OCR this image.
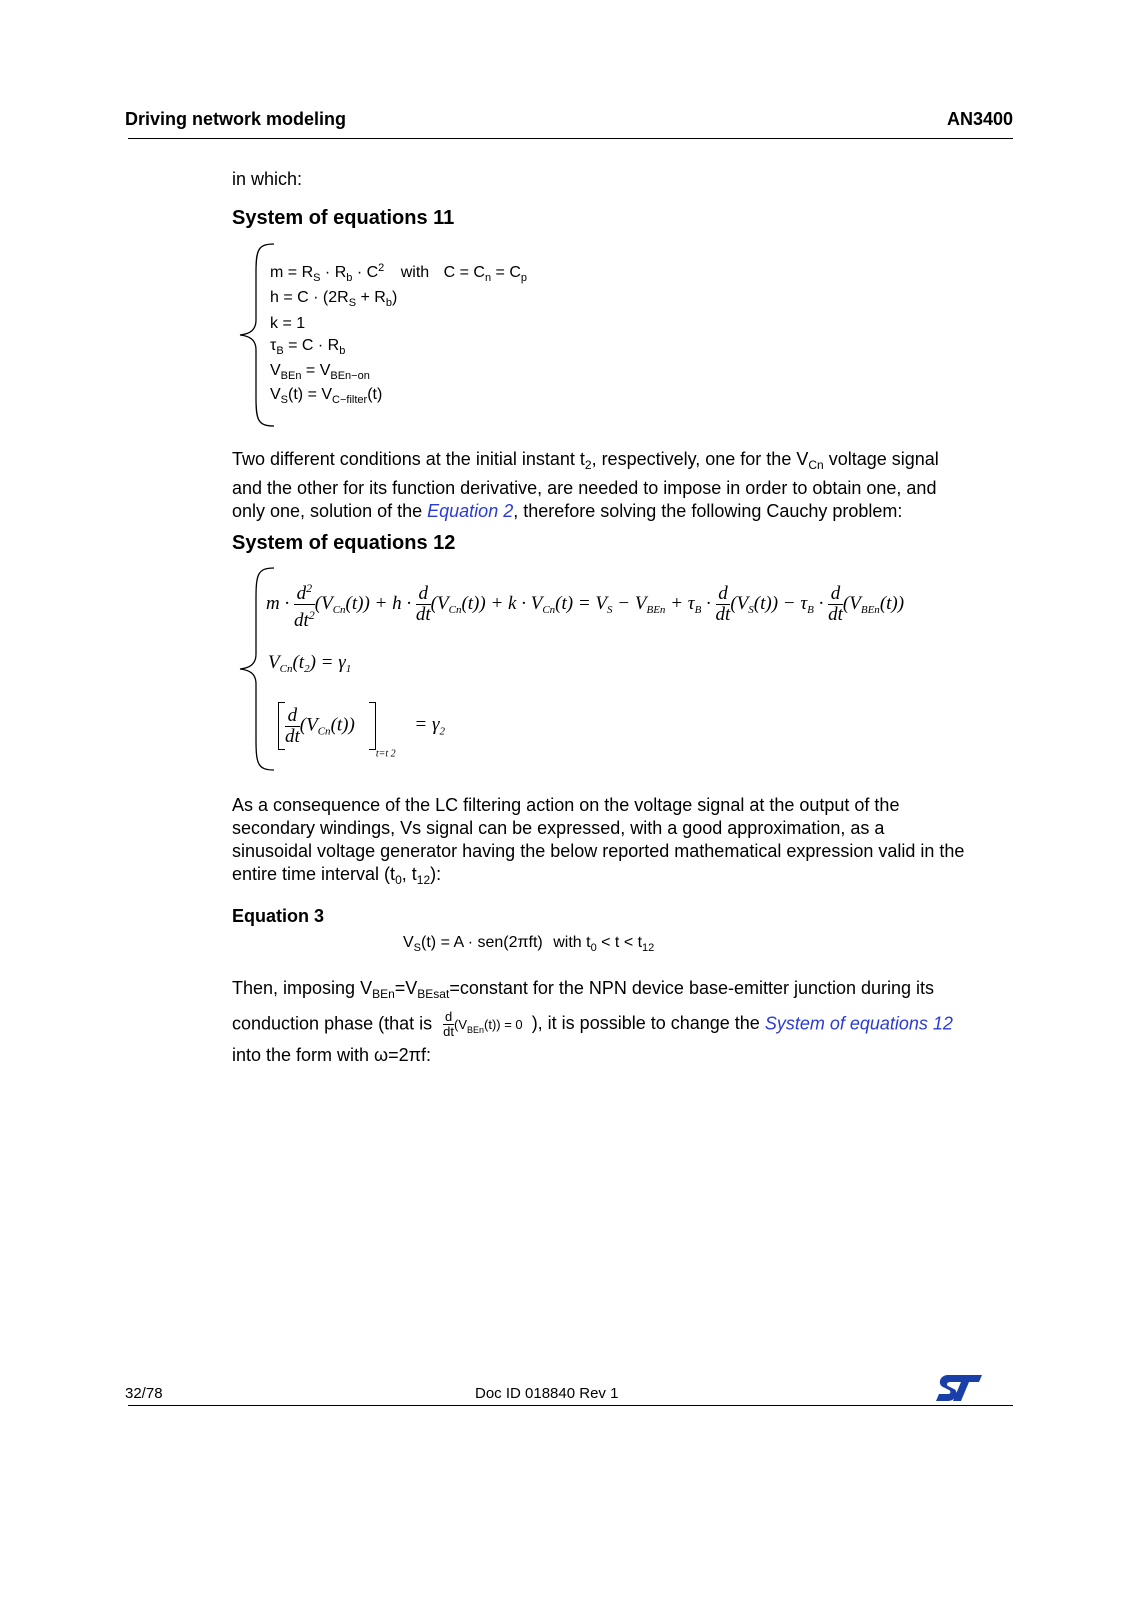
Driving network modeling	AN3400
in which:
System of equations 11
$m = R_S \cdot R_b \cdot C^2$ with $C = C_n = C_p$
$h = C \cdot (2R_S + R_b)$
k = 1
$\tau_B = C \cdot R_b$
$V_{BEn} = V_{BEn-on}$
$V_S(t) = V_{C-filter}(t)$
Two different conditions at the initial instant $t_2$, respectively, one for the $V_{Cn}$ voltage signal
and the other for its function derivative, are needed to impose in order to obtain one, and
only one, solution of the Equation 2, therefore solving the following Cauchy problem:
System of equations 12
$m \cdot \frac{d^2}{dt^2} (V_{Cn}(t)) + h \cdot \frac{d}{dt} (V_{Cn}(t)) + k \cdot V_{Cn}(t) = V_S - V_{BEn} + \tau_B \cdot \frac{d}{dt} (V_S(t)) - \tau_B \cdot \frac{d}{dt} (V_{BEn}(t))$
$V_{Cn}(t_2) = \gamma_1$
$\frac{d}{dt} (V_{Cn}(t))_{t=t 2} = \gamma_2$
As a consequence of the LC filtering action on the voltage signal at the output of the
secondary windings, Vs signal can be expressed, with a good approximation, as a
sinusoidal voltage generator having the below reported mathematical expression valid in the
entire time interval ($t_0$, $t_{12}$):
Equation 3
$V_S(t) = A \cdot sen(2\pi ft)$ with $t_0 < t < t_{12}$
Then, imposing $V_{BEn}=V_{BEsat}=constant$ for the NPN device base-emitter junction during its
conduction phase (that is $\frac{d}{dt} (V_{BEn}(t)) = 0$ ), it is possible to change the System of equations 12
into the form with ω=2πf:
32/78	Doc ID 018840 Rev 1
